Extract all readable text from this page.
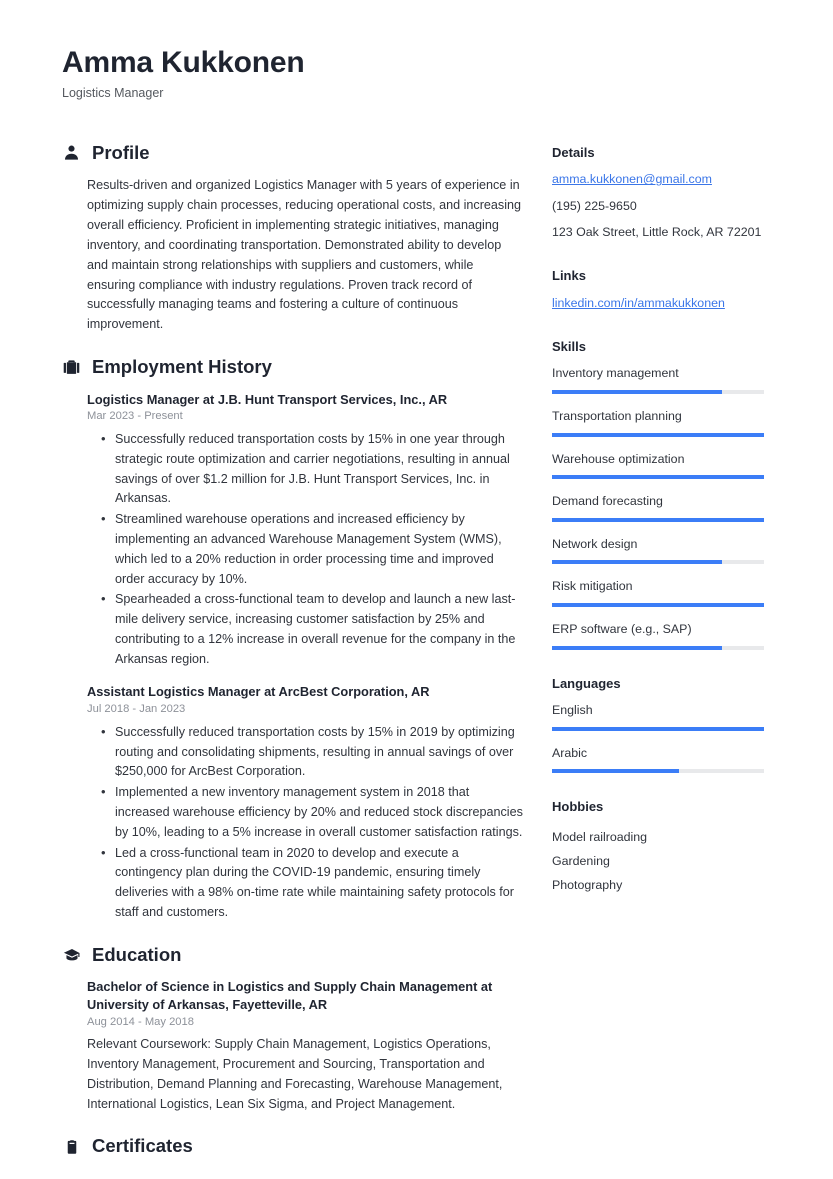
Amma Kukkonen
Logistics Manager
Profile

Results-driven and organized Logistics Manager with 5 years of experience in optimizing supply chain processes, reducing operational costs, and increasing overall efficiency. Proficient in implementing strategic initiatives, managing inventory, and coordinating transportation. Demonstrated ability to develop and maintain strong relationships with suppliers and customers, while ensuring compliance with industry regulations. Proven track record of successfully managing teams and fostering a culture of continuous improvement.

Employment History
Logistics Manager at J.B. Hunt Transport Services, Inc., AR
Mar 2023 - Present
• Successfully reduced transportation costs by 15% in one year through strategic route optimization and carrier negotiations, resulting in annual savings of over $1.2 million for J.B. Hunt Transport Services, Inc. in Arkansas.
• Streamlined warehouse operations and increased efficiency by implementing an advanced Warehouse Management System (WMS), which led to a 20% reduction in order processing time and improved order accuracy by 10%.
• Spearheaded a cross-functional team to develop and launch a new last-mile delivery service, increasing customer satisfaction by 25% and contributing to a 12% increase in overall revenue for the company in the Arkansas region.
Assistant Logistics Manager at ArcBest Corporation, AR
Jul 2018 - Jan 2023
• Successfully reduced transportation costs by 15% in 2019 by optimizing routing and consolidating shipments, resulting in annual savings of over $250,000 for ArcBest Corporation.
• Implemented a new inventory management system in 2018 that increased warehouse efficiency by 20% and reduced stock discrepancies by 10%, leading to a 5% increase in overall customer satisfaction ratings.
• Led a cross-functional team in 2020 to develop and execute a contingency plan during the COVID-19 pandemic, ensuring timely deliveries with a 98% on-time rate while maintaining safety protocols for staff and customers.
Education
Bachelor of Science in Logistics and Supply Chain Management at University of Arkansas, Fayetteville, AR
Aug 2014 - May 2018

Relevant Coursework: Supply Chain Management, Logistics Operations, Inventory Management, Procurement and Sourcing, Transportation and Distribution, Demand Planning and Forecasting, Warehouse Management, International Logistics, Lean Six Sigma, and Project Management.

Certificates
Details
amma.kukkonen@gmail.com
(195) 225-9650
123 Oak Street, Little Rock, AR 72201
Links
linkedin.com/in/ammakukkonen
Skills
Inventory management
Transportation planning
Warehouse optimization
Demand forecasting
Network design
Risk mitigation
ERP software (e.g., SAP)
Languages
English
Arabic
Hobbies
Model railroading
Gardening
Photography
